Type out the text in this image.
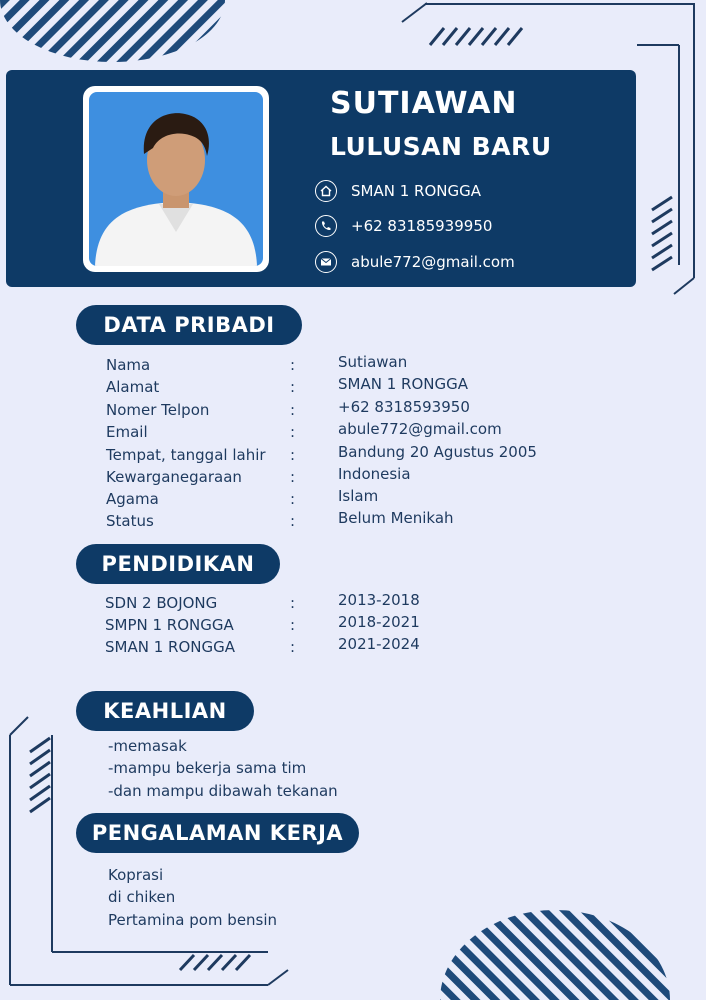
SUTIAWAN
LULUSAN BARU
SMAN 1 RONGGA
+62 83185939950
abule772@gmail.com
DATA PRIBADI
Nama	:	Sutiawan
Alamat	:	SMAN 1 RONGGA
Nomer Telpon	:	+62 8318593950
Email	:	abule772@gmail.com
Tempat, tanggal lahir :	Bandung 20 Agustus 2005
Kewarganegaraan	:	Indonesia
Agama	:	Islam
Status	:	Belum Menikah
PENDIDIKAN
SDN 2 BOJONG	:	2013-2018
SMPN 1 RONGGA	:	2018-2021
SMAN 1 RONGGA	:	2021-2024
KEAHLIAN
-memasak
-mampu bekerja sama tim
-dan mampu dibawah tekanan
PENGALAMAN KERJA
Koprasi
di chiken
Pertamina pom bensin
